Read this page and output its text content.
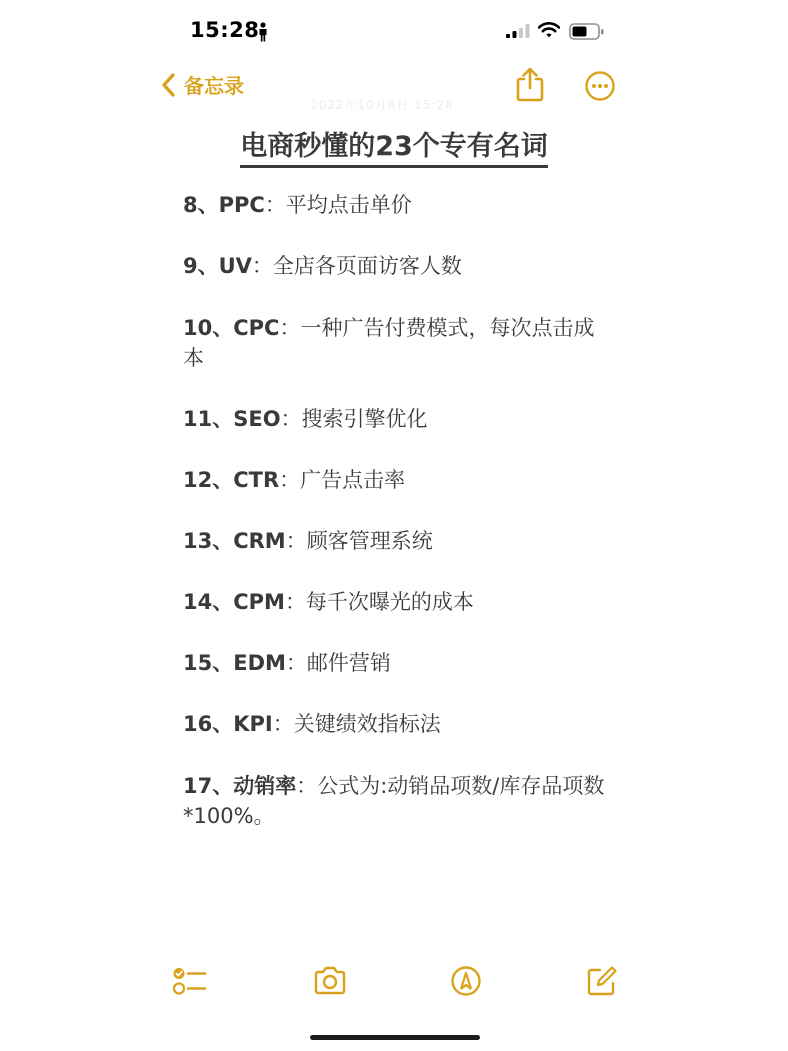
15:28
备忘录
2022年10月8日 15:28
电商秒懂的23个专有名词
8、PPC：平均点击单价
9、UV：全店各页面访客人数
10、CPC：一种广告付费模式，每次点击成本
11、SEO：搜索引擎优化
12、CTR：广告点击率
13、CRM：顾客管理系统
14、CPM：每千次曝光的成本
15、EDM：邮件营销
16、KPI：关键绩效指标法
17、动销率：公式为:动销品项数/库存品项数*100%。
